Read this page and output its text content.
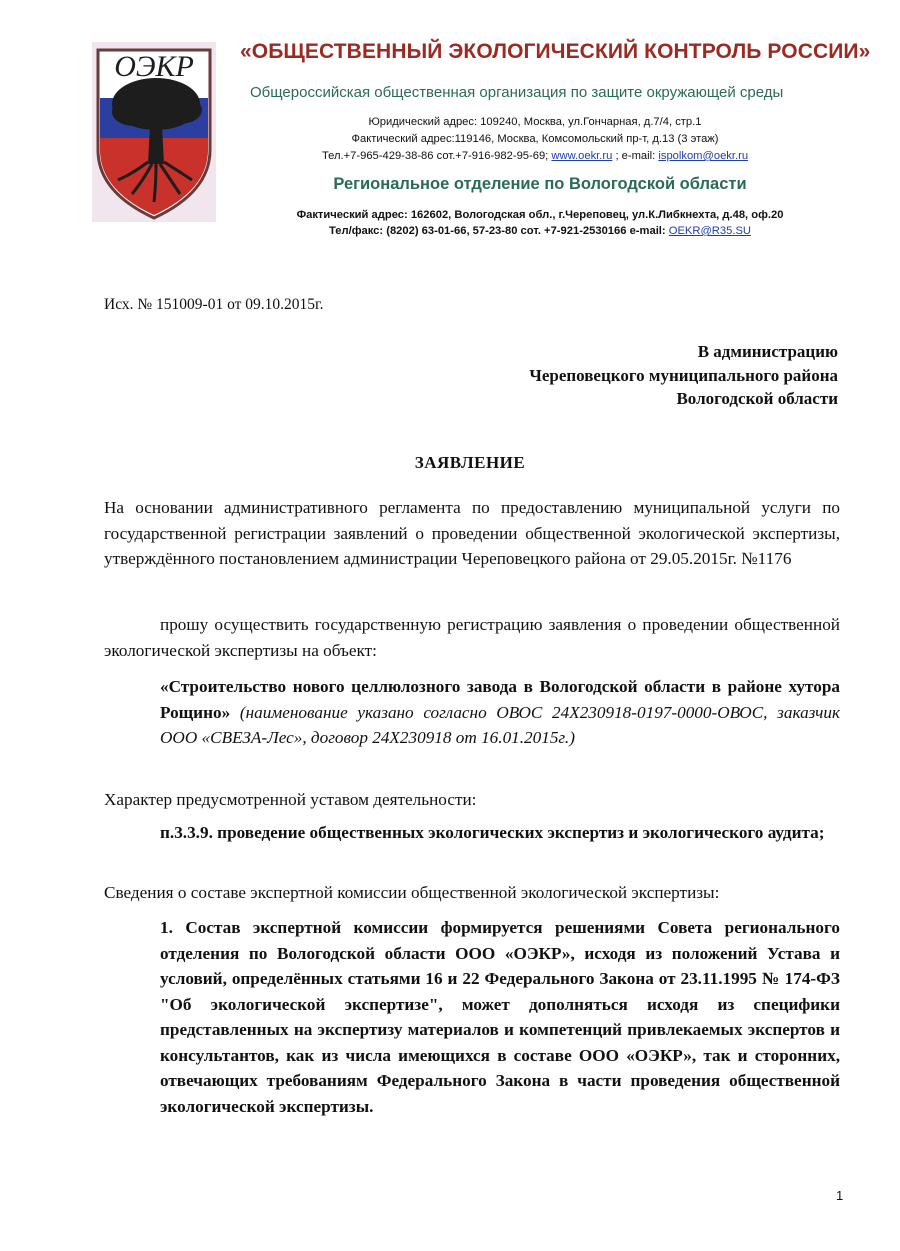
ОЭКР «ОБЩЕСТВЕННЫЙ ЭКОЛОГИЧЕСКИЙ КОНТРОЛЬ РОССИИ»
Общероссийская общественная организация по защите окружающей среды
Юридический адрес: 109240, Москва, ул.Гончарная, д.7/4, стр.1
Фактический адрес:119146, Москва, Комсомольский пр-т, д.13 (3 этаж)
Тел.+7-965-429-38-86 сот.+7-916-982-95-69; www.oekr.ru ; e-mail: ispolkom@oekr.ru
Региональное отделение по Вологодской области
Фактический адрес: 162602, Вологодская обл., г.Череповец, ул.К.Либкнехта, д.48, оф.20
Тел/факс: (8202) 63-01-66, 57-23-80 сот. +7-921-2530166 e-mail: OEKR@R35.SU
Исх. № 151009-01 от 09.10.2015г.
В администрацию
Череповецкого муниципального района
Вологодской области
ЗАЯВЛЕНИЕ
На основании административного регламента по предоставлению муниципальной услуги по государственной регистрации заявлений о проведении общественной экологической экспертизы, утверждённого постановлением администрации Череповецкого района от 29.05.2015г. №1176
прошу осуществить государственную регистрацию заявления о проведении общественной экологической экспертизы на объект:
«Строительство нового целлюлозного завода в Вологодской области в районе хутора Рощино» (наименование указано согласно ОВОС 24Х230918-0197-0000-ОВОС, заказчик ООО «СВЕЗА-Лес», договор 24Х230918 от 16.01.2015г.)
Характер предусмотренной уставом деятельности:
п.3.3.9. проведение общественных экологических экспертиз и экологического аудита;
Сведения о составе экспертной комиссии общественной экологической экспертизы:
1. Состав экспертной комиссии формируется решениями Совета регионального отделения по Вологодской области ООО «ОЭКР», исходя из положений Устава и условий, определённых статьями 16 и 22 Федерального Закона от 23.11.1995 № 174-ФЗ "Об экологической экспертизе", может дополняться исходя из специфики представленных на экспертизу материалов и компетенций привлекаемых экспертов и консультантов, как из числа имеющихся в составе ООО «ОЭКР», так и сторонних, отвечающих требованиям Федерального Закона в части проведения общественной экологической экспертизы.
1
